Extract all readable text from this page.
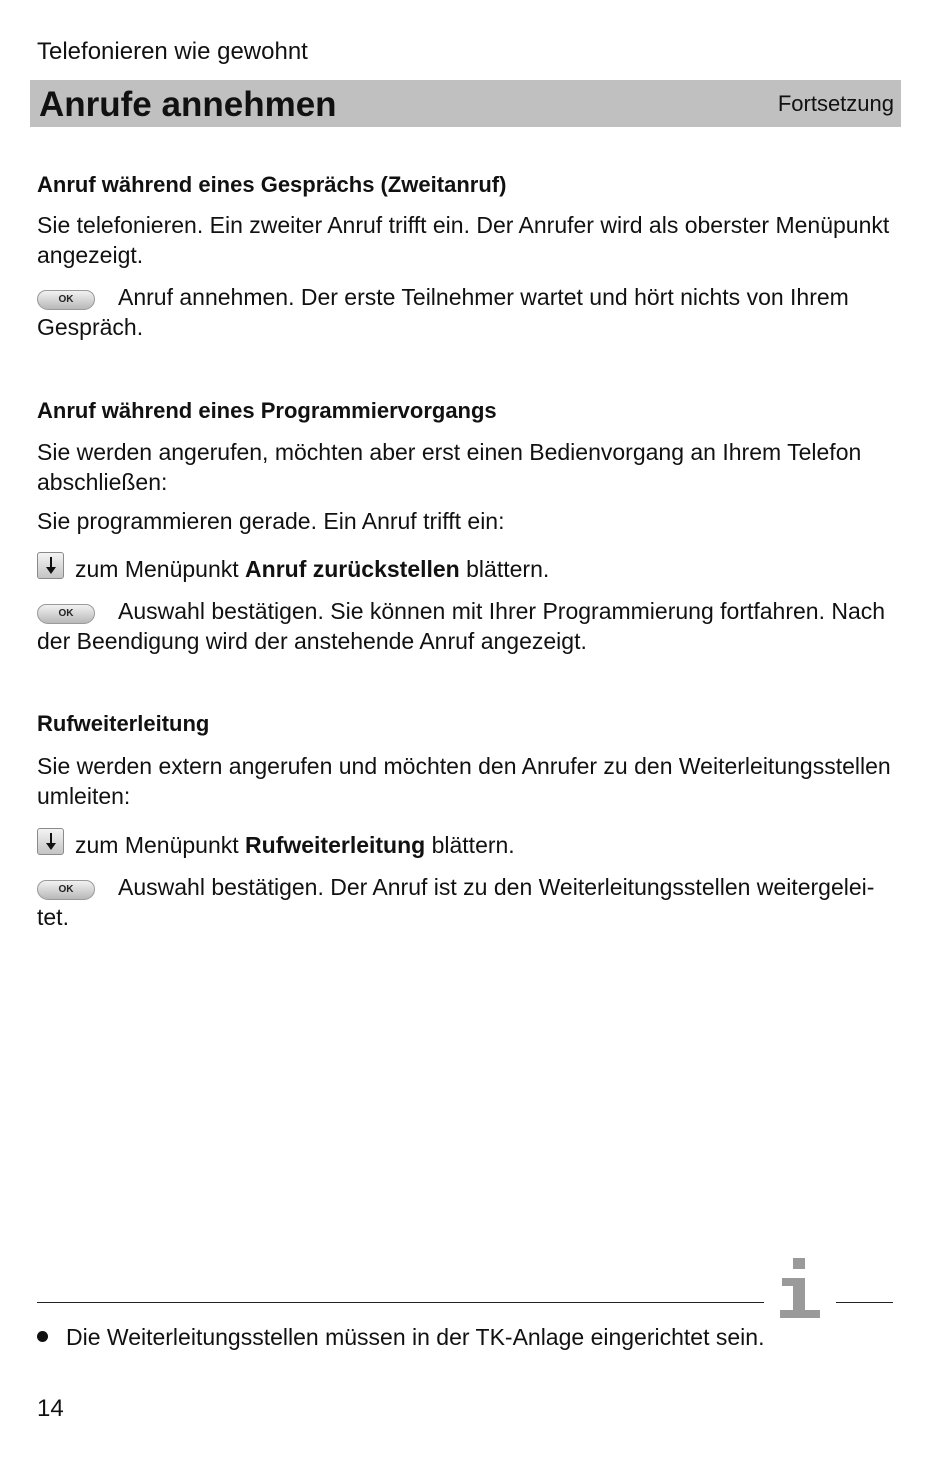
Telefonieren wie gewohnt
Anrufe annehmen	Fortsetzung

Anruf während eines Gesprächs (Zweitanruf)

Sie telefonieren. Ein zweiter Anruf trifft ein. Der Anrufer wird als oberster Menüpunkt angezeigt.

OK Anruf annehmen. Der erste Teilnehmer wartet und hört nichts von Ihrem Gespräch.

Anruf während eines Programmiervorgangs

Sie werden angerufen, möchten aber erst einen Bedienvorgang an Ihrem Telefon abschließen:

Sie programmieren gerade. Ein Anruf trifft ein:

zum Menüpunkt Anruf zurückstellen blättern.

OK Auswahl bestätigen. Sie können mit Ihrer Programmierung fortfahren. Nach der Beendigung wird der anstehende Anruf angezeigt.

Rufweiterleitung

Sie werden extern angerufen und möchten den Anrufer zu den Weiterleitungsstellen umleiten:

zum Menüpunkt Rufweiterleitung blättern.

OK Auswahl bestätigen. Der Anruf ist zu den Weiterleitungsstellen weitergelei-tet.

Die Weiterleitungsstellen müssen in der TK-Anlage eingerichtet sein.
14
